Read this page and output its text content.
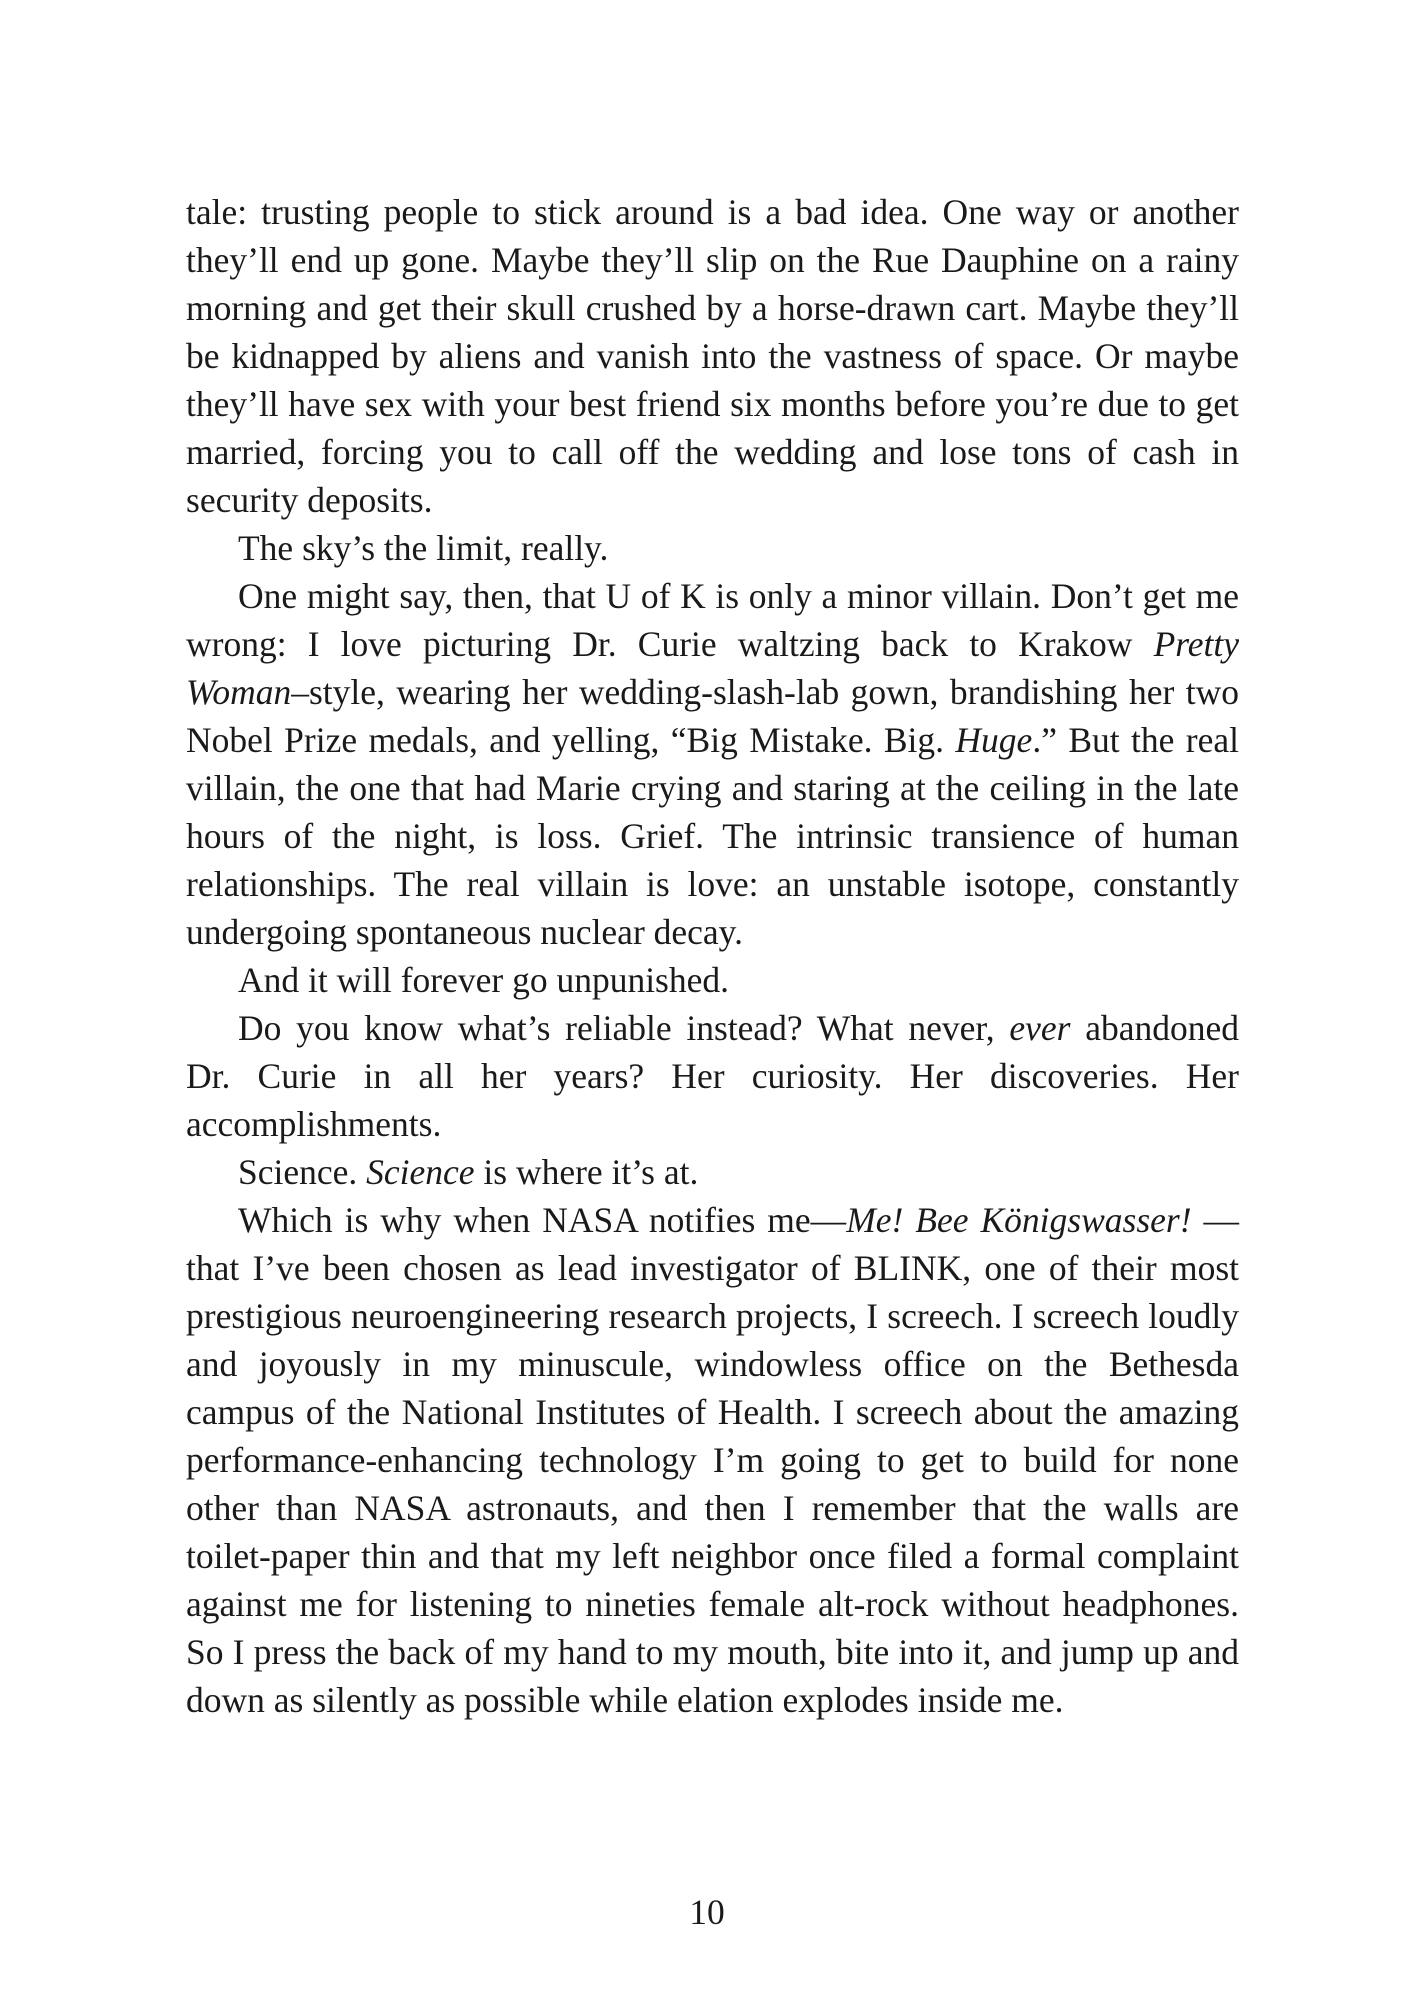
tale: trusting people to stick around is a bad idea. One way or another they’ll end up gone. Maybe they’ll slip on the Rue Dauphine on a rainy morning and get their skull crushed by a horse-drawn cart. Maybe they’ll be kidnapped by aliens and vanish into the vastness of space. Or maybe they’ll have sex with your best friend six months before you’re due to get married, forcing you to call off the wedding and lose tons of cash in security deposits.

The sky’s the limit, really.

One might say, then, that U of K is only a minor villain. Don’t get me wrong: I love picturing Dr. Curie waltzing back to Krakow Pretty Woman–style, wearing her wedding-slash-lab gown, brandishing her two Nobel Prize medals, and yelling, “Big Mistake. Big. Huge.” But the real villain, the one that had Marie crying and staring at the ceiling in the late hours of the night, is loss. Grief. The intrinsic transience of human relationships. The real villain is love: an unstable isotope, constantly undergoing spontaneous nuclear decay.

And it will forever go unpunished.

Do you know what’s reliable instead? What never, ever abandoned Dr. Curie in all her years? Her curiosity. Her discoveries. Her accomplishments.

Science. Science is where it’s at.

Which is why when NASA notifies me—Me! Bee Königswasser! —that I’ve been chosen as lead investigator of BLINK, one of their most prestigious neuroengineering research projects, I screech. I screech loudly and joyously in my minuscule, windowless office on the Bethesda campus of the National Institutes of Health. I screech about the amazing performance-enhancing technology I’m going to get to build for none other than NASA astronauts, and then I remember that the walls are toilet-paper thin and that my left neighbor once filed a formal complaint against me for listening to nineties female alt-rock without headphones. So I press the back of my hand to my mouth, bite into it, and jump up and down as silently as possible while elation explodes inside me.

10
